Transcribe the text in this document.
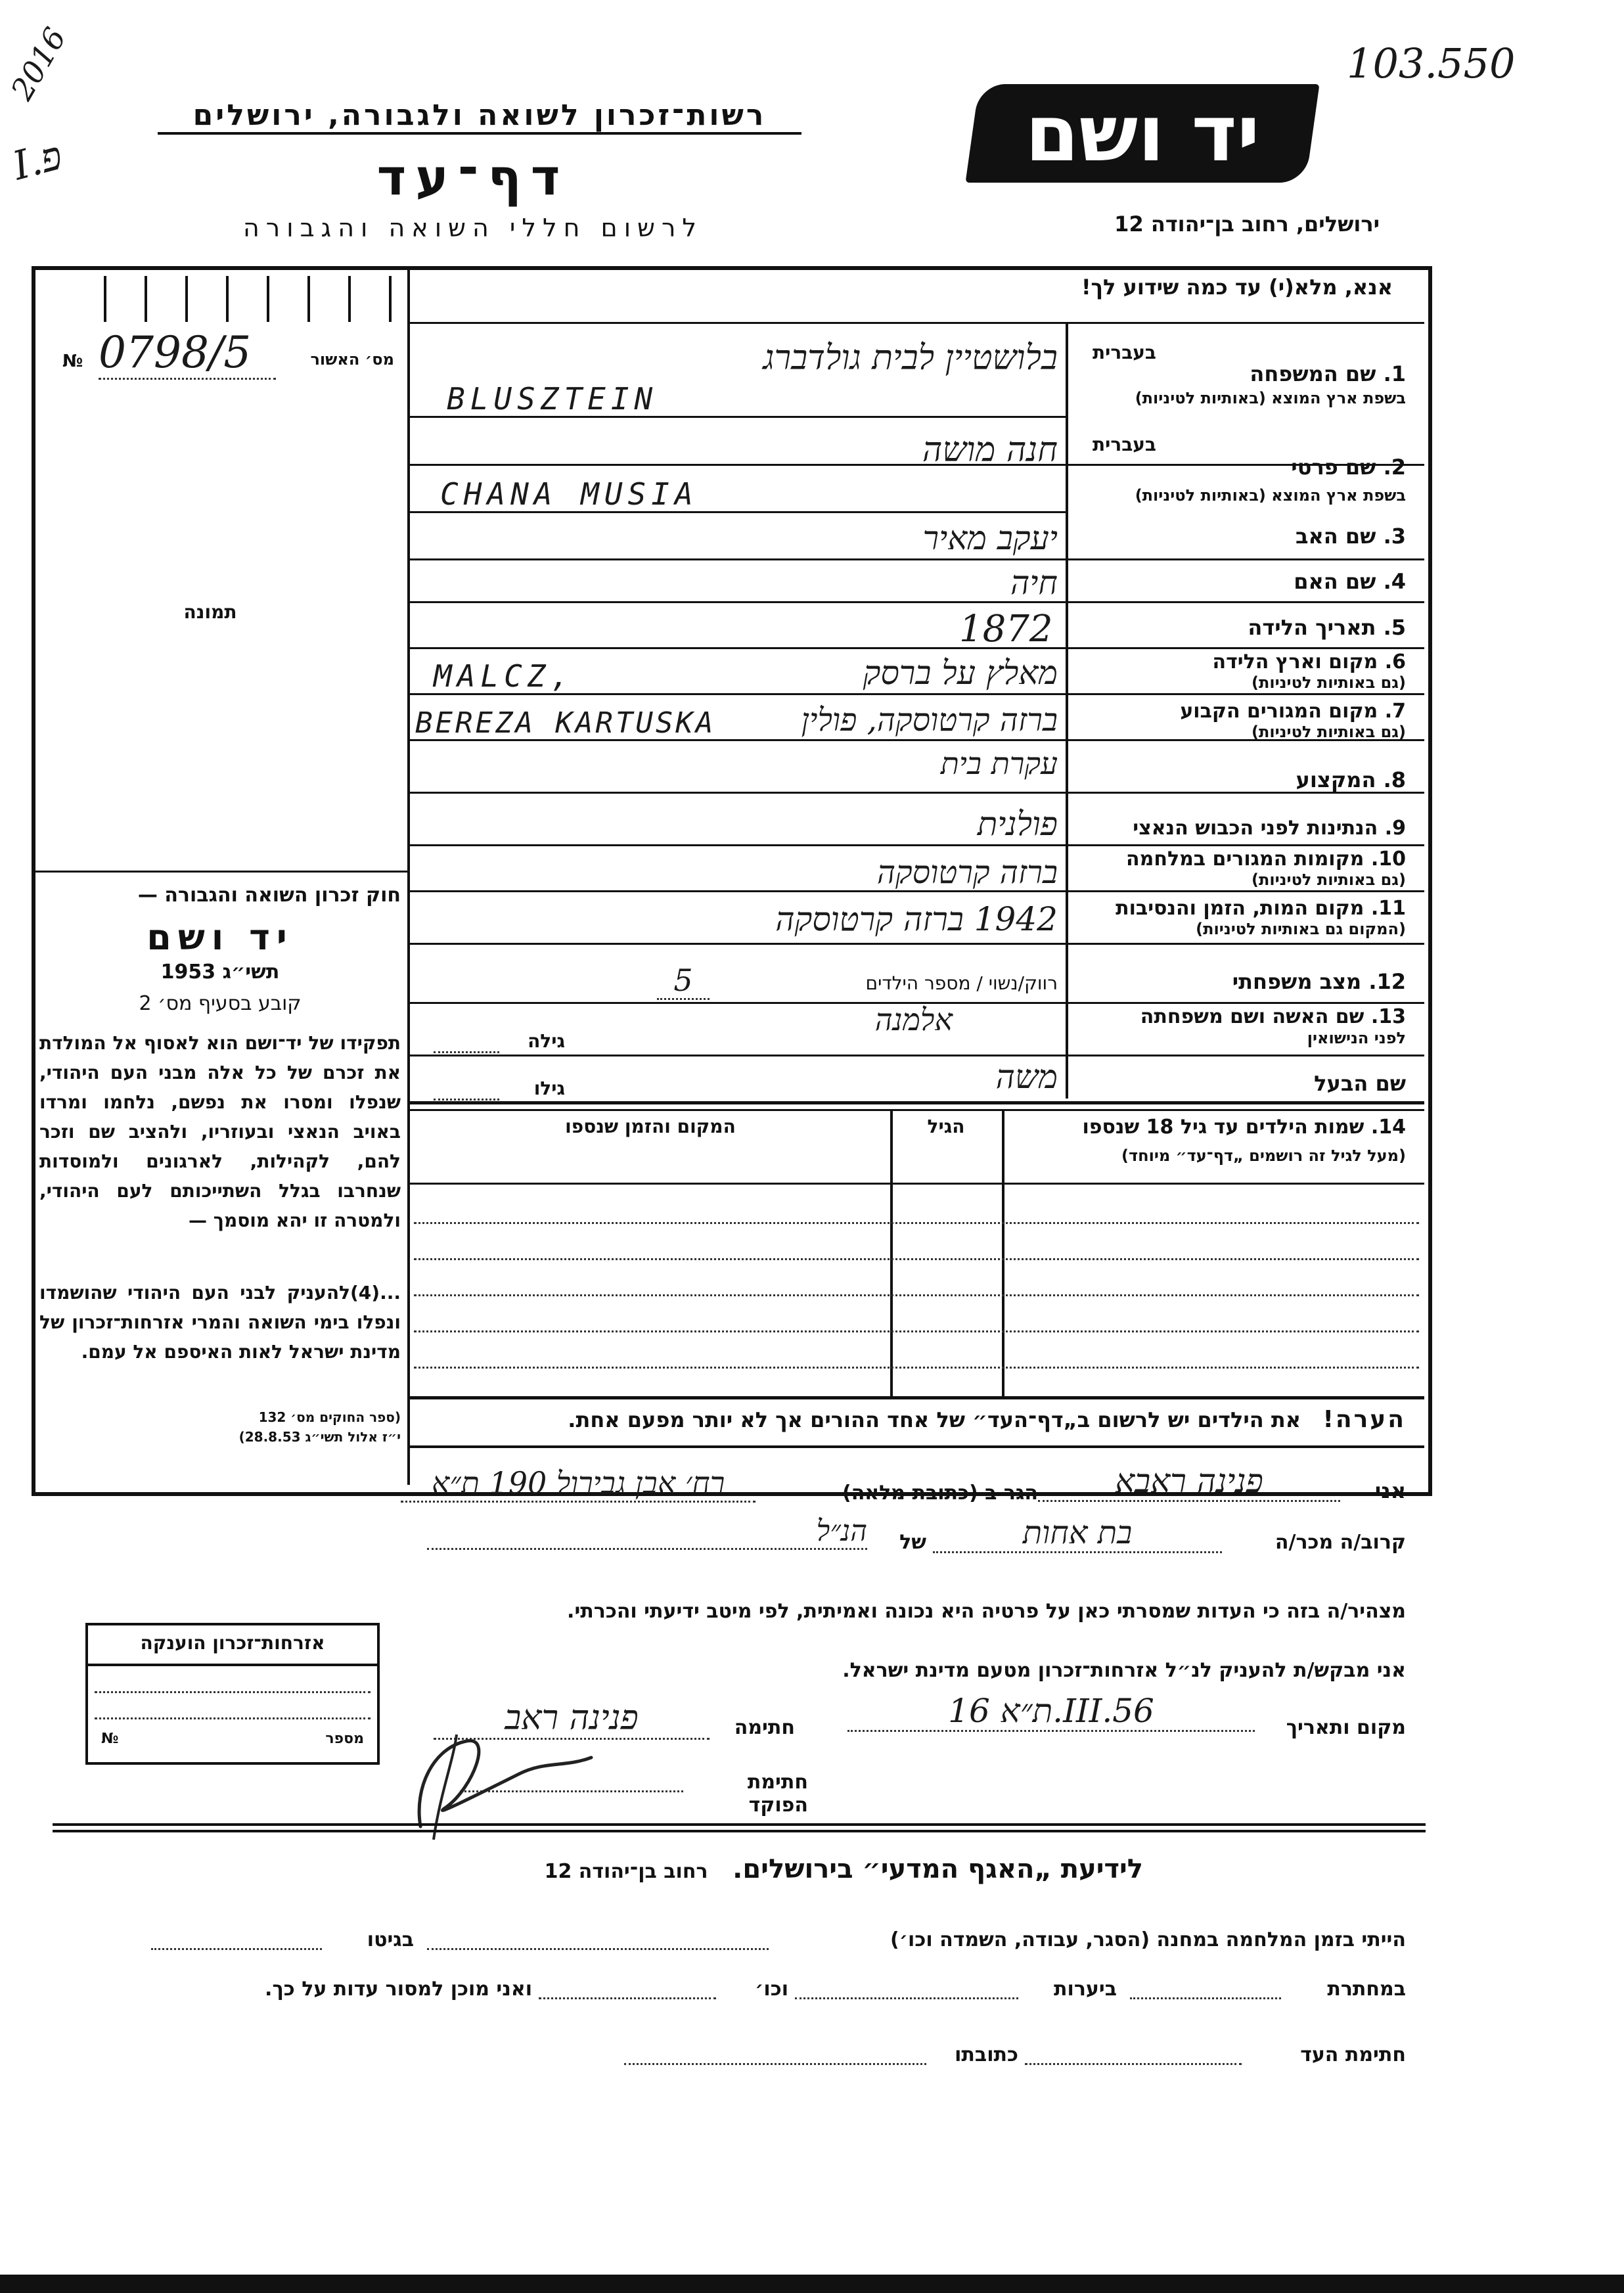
103.550
2016
I.פ
רשות־זכרון לשואה ולגבורה, ירושלים
דף־עד
לרשום חללי השואה והגבורה
יד ושם
ירושלים, רחוב בן־יהודה 12
אנא, מלא(י) עד כמה שידוע לך!
מס׳ האשור
№ 0798/5
תמונה
בעברית
1. שם המשפחה
בשפת ארץ המוצא (באותיות לטיניות)
בלושטיין לבית גולדברג
BLUSZTEIN
בעברית
2. שם פרטי
בשפת ארץ המוצא (באותיות לטיניות)
חנה מושה
CHANA MUSIA
3. שם האב
יעקב מאיר
4. שם האם
חיה
5. תאריך הלידה
1872
6. מקום וארץ הלידה
(גם באותיות לטיניות)
מאלץ על ברסק
MALCZ,
7. מקום המגורים הקבוע
(גם באותיות לטיניות)
ברזה קרטוסקה, פולין
BEREZA KARTUSKA
8. המקצוע
עקרת בית
9. הנתינות לפני הכבוש הנאצי
פולנית
10. מקומות המגורים במלחמה
(גם באותיות לטיניות)
ברזה קרטוסקה
11. מקום המות, הזמן והנסיבות
(המקום גם באותיות לטיניות)
1942 ברזה קרטוסקה
12. מצב משפחתי
רווק/נשוי / מספר הילדים
5
13. שם האשה ושם משפחתה
לפני הנישואין
אלמנה
גילה
שם הבעל
משה
גילו
14. שמות הילדים עד גיל 18 שנספו
(מעל לגיל זה רושמים „דף־עד״ מיוחד)
הגיל
המקום והזמן שנספו
הערה!   את הילדים יש לרשום ב„דף־העד״ של אחד ההורים אך לא יותר מפעם אחת.
חוק זכרון השואה והגבורה —
יד ושם
תשי״ג 1953
קובע בסעיף מס׳ 2
תפקידו של יד־ושם הוא לאסוף אל המולדת את זכרם של כל אלה מבני העם היהודי, שנפלו ומסרו את נפשם, נלחמו ומרדו באויב הנאצי ובעוזריו, ולהציב שם וזכר להם, לקהילות, לארגונים ולמוסדות שנחרבו בגלל השתייכותם לעם היהודי, ולמטרה זו יהא מוסמך —
...(4)להעניק לבני העם היהודי שהושמדו ונפלו בימי השואה והמרי אזרחות־זכרון של מדינת ישראל לאות האיספם אל עמם.
(ספר החוקים מס׳ 132
י״ז אלול תשי״ג 28.8.53)
אזרחות־זכרון הוענקה
מספר
№
אני
פנינה ראבא
הגר ב (כתובת מלאה)
רח׳ אבן גבירול 190 ת״א
קרוב/ה מכר/ה
בת אחות
של
הנ״ל
מצהיר/ה בזה כי העדות שמסרתי כאן על פרטיה היא נכונה ואמיתית, לפי מיטב ידיעתי והכרתי.
אני מבקש/ת להעניק לנ״ל אזרחות־זכרון מטעם מדינת ישראל.
מקום ותאריך
ת״א 16.III.56
חתימה
פנינה ראב
חתימת הפוקד
לידיעת „האגף המדעי״ בירושלים.   רחוב בן־יהודה 12
הייתי בזמן המלחמה במחנה (הסגר, עבודה, השמדה וכו׳)
בגיטו
במחתרת
ביערות
וכו׳
ואני מוכן למסור עדות על כך.
חתימת העד
כתובתו
